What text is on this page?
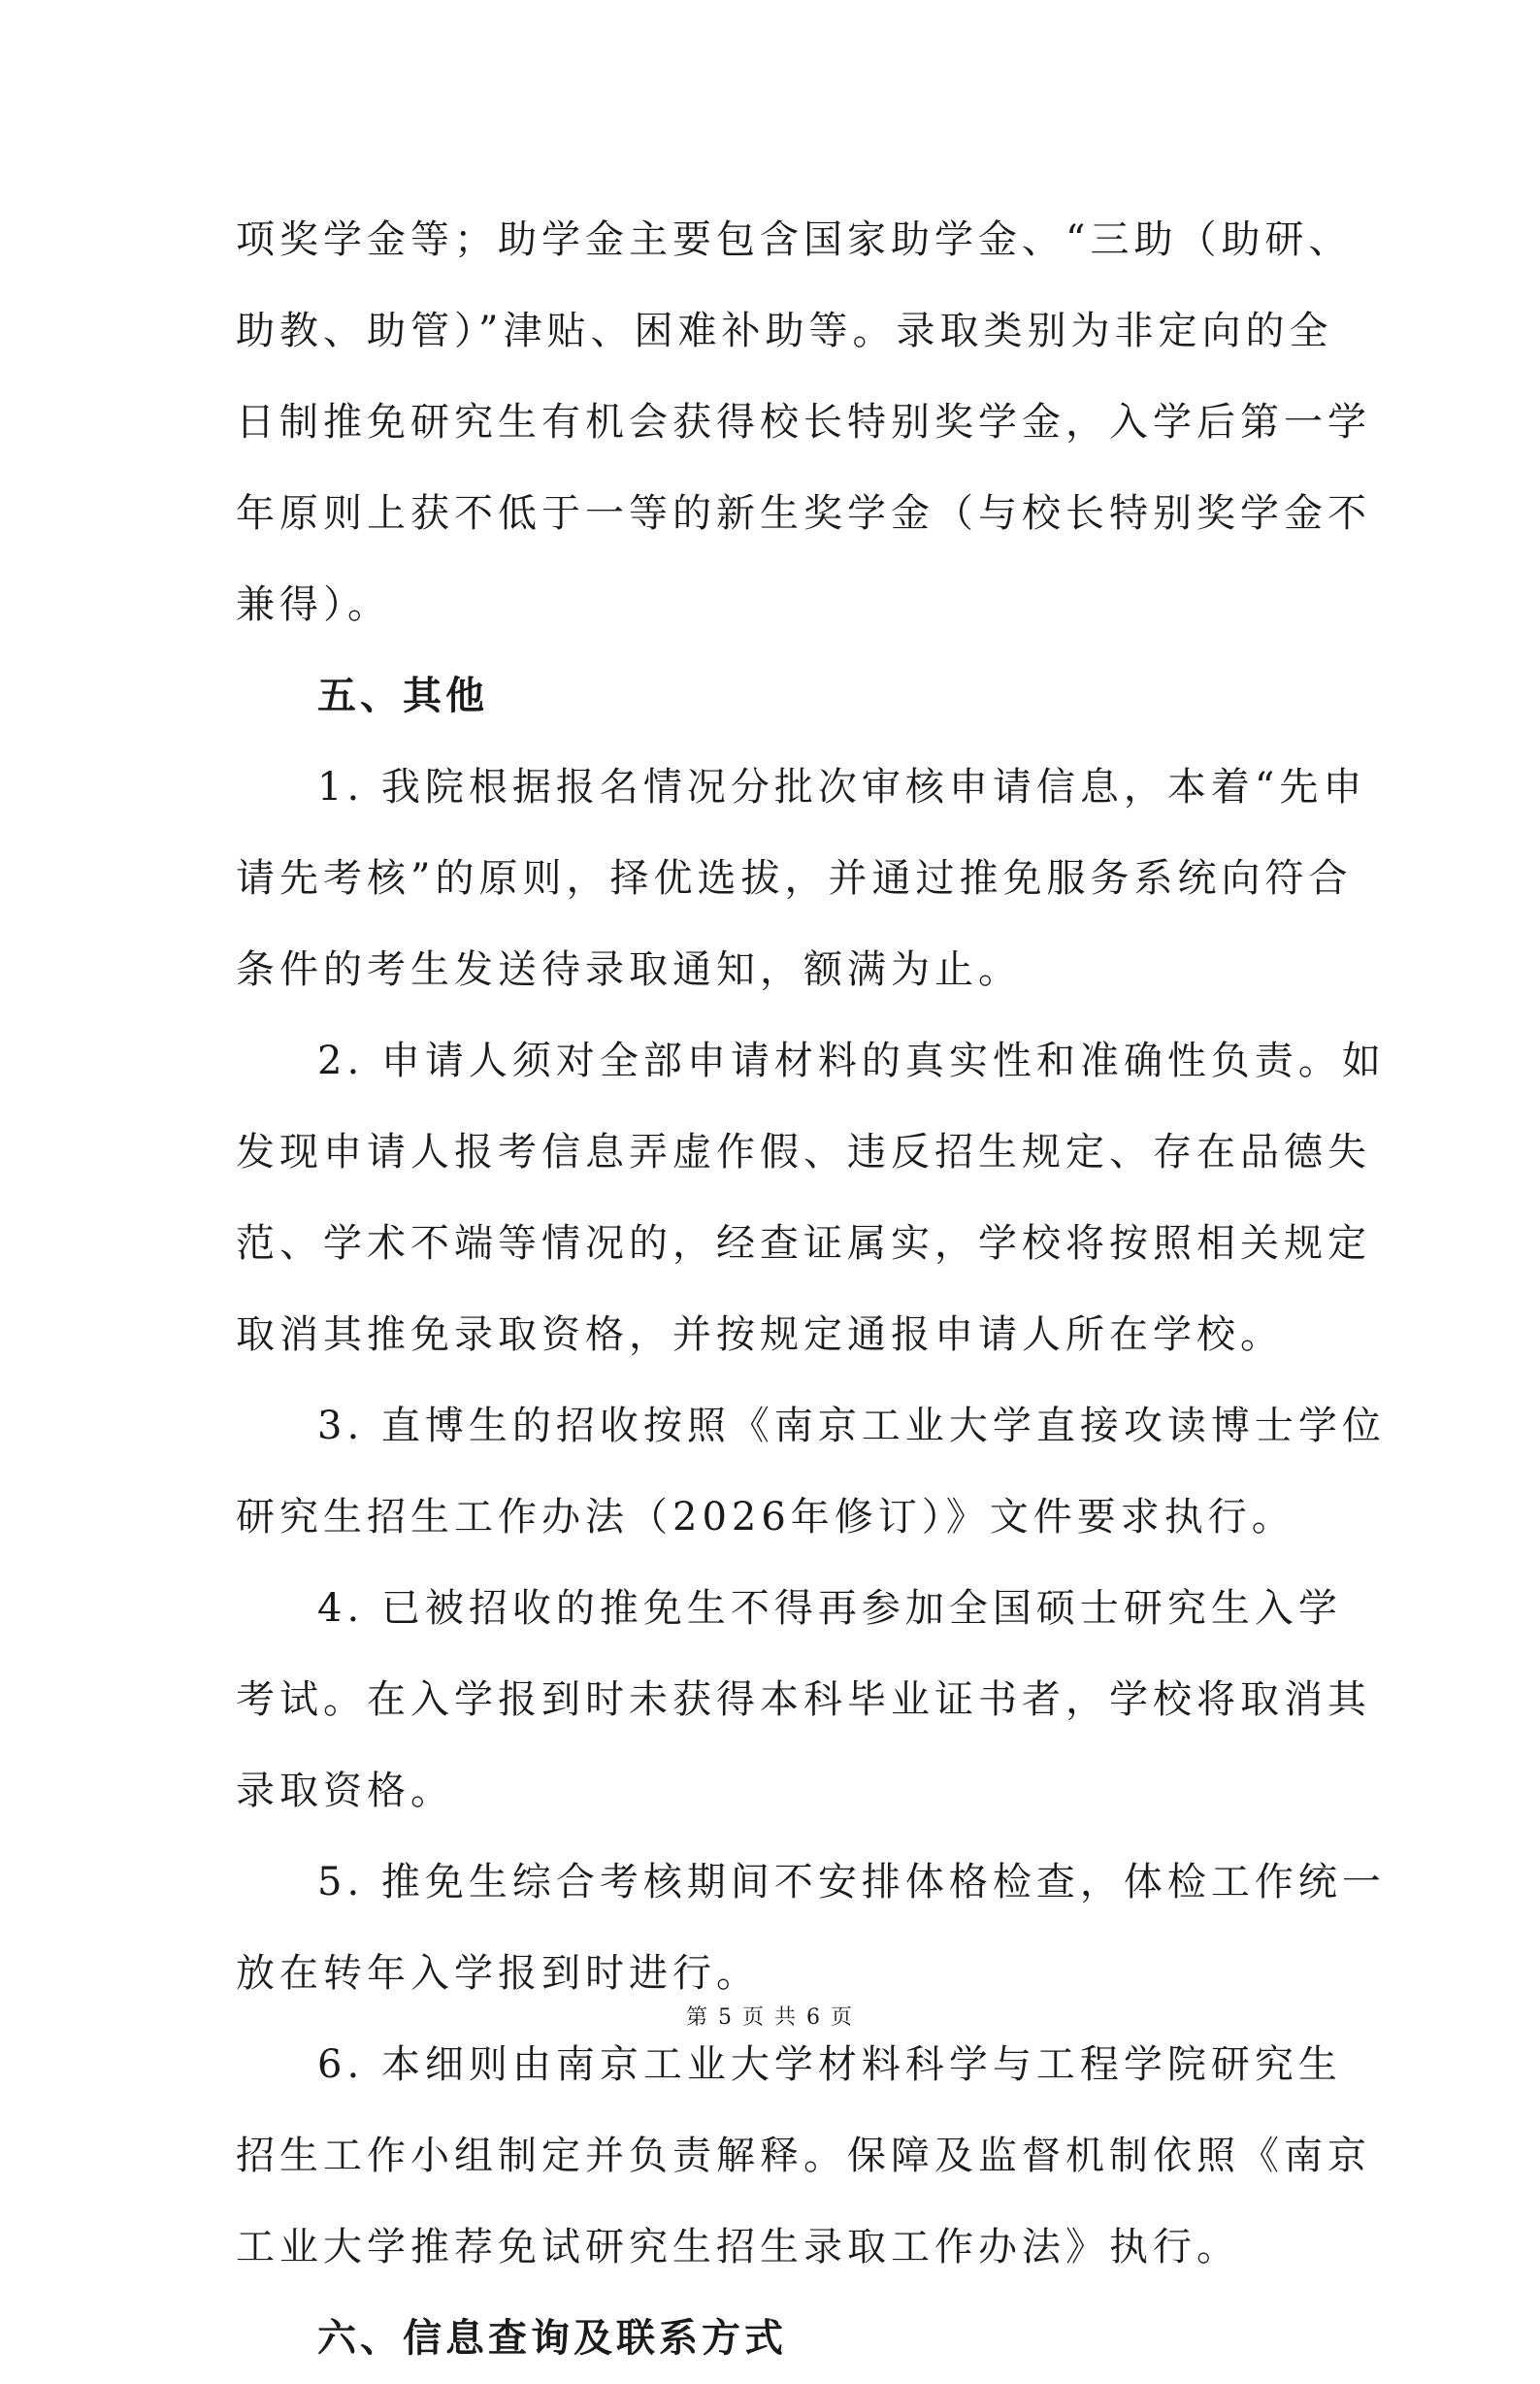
项奖学金等；助学金主要包含国家助学金、“三助（助研、
助教、助管）”津贴、困难补助等。录取类别为非定向的全
日制推免研究生有机会获得校长特别奖学金，入学后第一学
年原则上获不低于一等的新生奖学金（与校长特别奖学金不
兼得）。
五、其他
1. 我院根据报名情况分批次审核申请信息，本着“先申
请先考核”的原则，择优选拔，并通过推免服务系统向符合
条件的考生发送待录取通知，额满为止。
2. 申请人须对全部申请材料的真实性和准确性负责。如
发现申请人报考信息弄虚作假、违反招生规定、存在品德失
范、学术不端等情况的，经查证属实，学校将按照相关规定
取消其推免录取资格，并按规定通报申请人所在学校。
3. 直博生的招收按照《南京工业大学直接攻读博士学位
研究生招生工作办法（2026年修订）》文件要求执行。
4. 已被招收的推免生不得再参加全国硕士研究生入学
考试。在入学报到时未获得本科毕业证书者，学校将取消其
录取资格。
5. 推免生综合考核期间不安排体格检查，体检工作统一
放在转年入学报到时进行。
6. 本细则由南京工业大学材料科学与工程学院研究生
招生工作小组制定并负责解释。保障及监督机制依照《南京
工业大学推荐免试研究生招生录取工作办法》执行。
六、信息查询及联系方式
第 5 页 共 6 页
